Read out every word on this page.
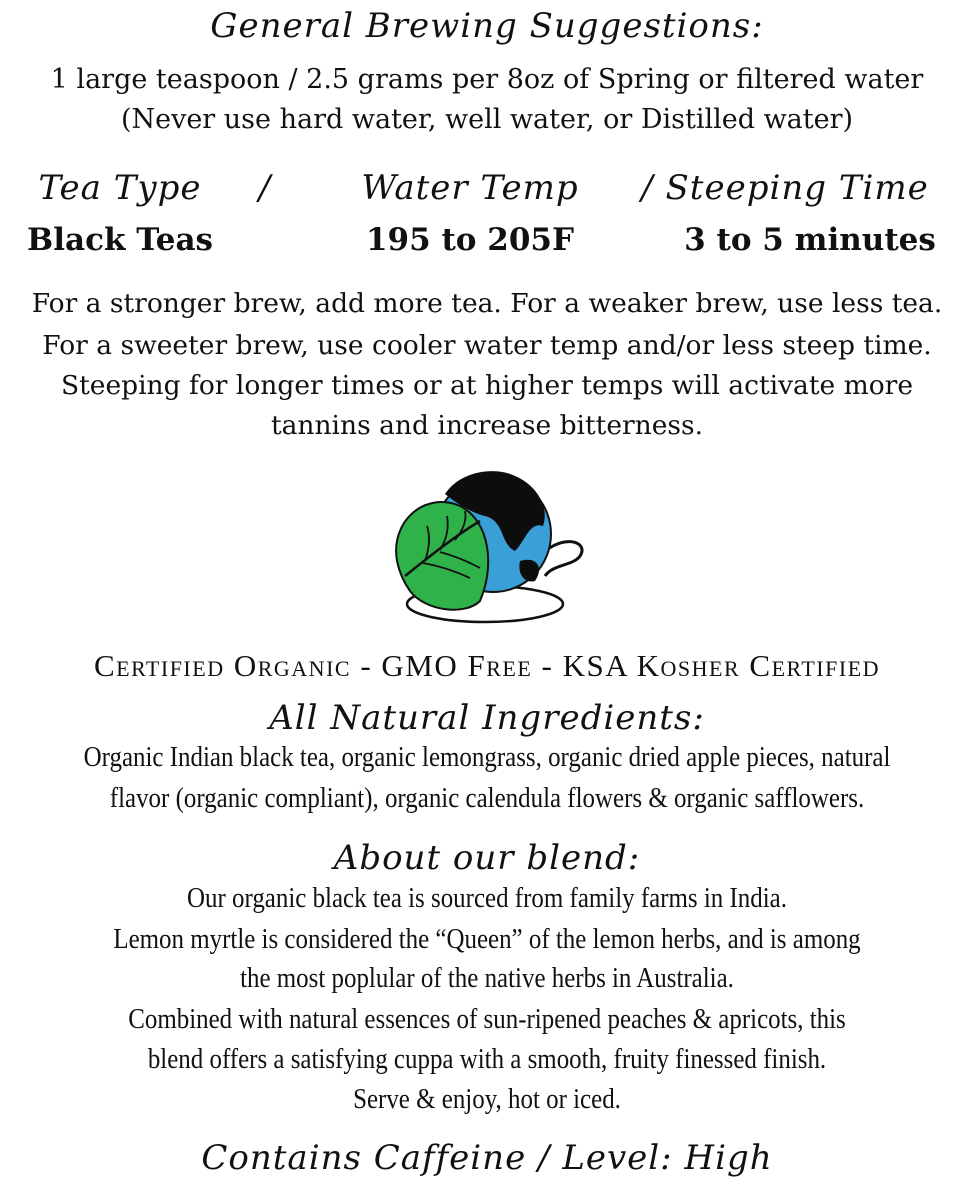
General Brewing Suggestions:
1 large teaspoon / 2.5 grams per 8oz of Spring or filtered water
(Never use hard water, well water, or Distilled water)
Tea Type	/	Water Temp	/ Steeping Time
Black Teas	195 to 205F	3 to 5 minutes
For a stronger brew, add more tea. For a weaker brew, use less tea.
For a sweeter brew, use cooler water temp and/or less steep time.
Steeping for longer times or at higher temps will activate more
tannins and increase bitterness.
Certified Organic - GMO Free - KSA Kosher Certified
All Natural Ingredients:
Organic Indian black tea, organic lemongrass, organic dried apple pieces, natural
flavor (organic compliant), organic calendula flowers & organic safflowers.
About our blend:
Our organic black tea is sourced from family farms in India.
Lemon myrtle is considered the “Queen” of the lemon herbs, and is among
the most poplular of the native herbs in Australia.
Combined with natural essences of sun-ripened peaches & apricots, this
blend offers a satisfying cuppa with a smooth, fruity finessed finish.
Serve & enjoy, hot or iced.
Contains Caffeine / Level: High
